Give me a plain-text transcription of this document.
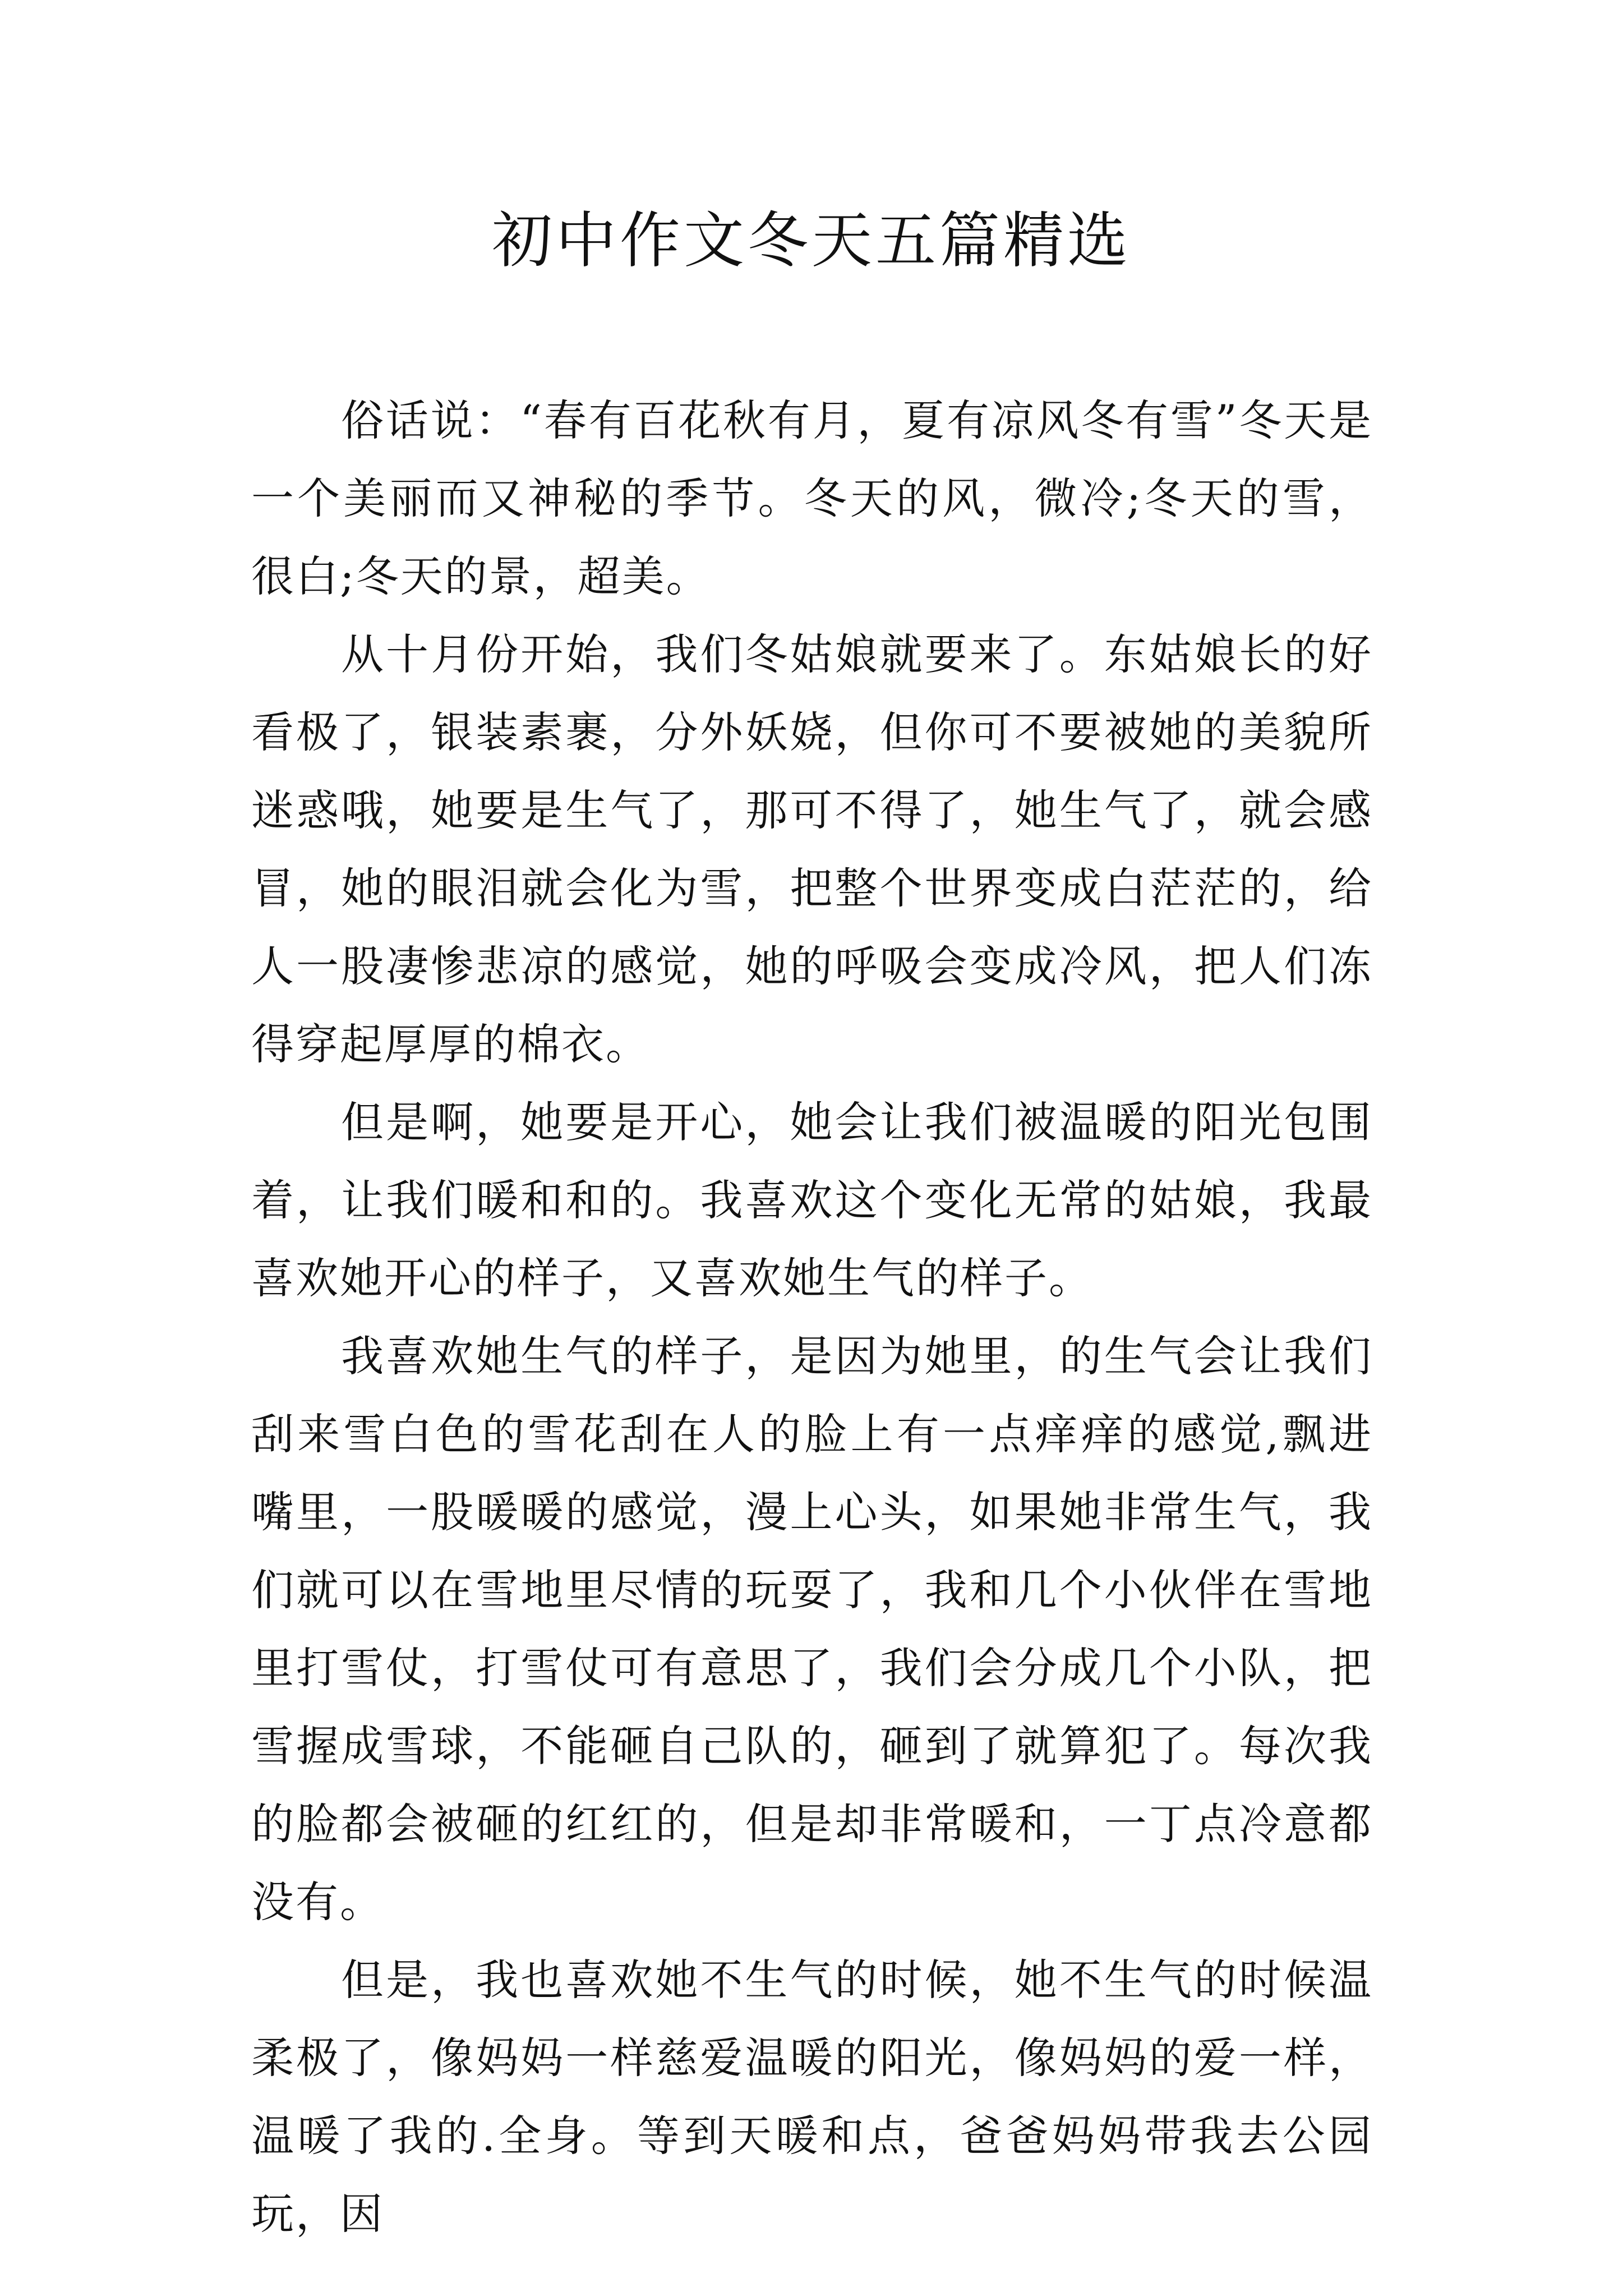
初中作文冬天五篇精选

俗话说：“春有百花秋有月，夏有凉风冬有雪”冬天是一个美丽而又神秘的季节。冬天的风，微冷;冬天的雪，很白;冬天的景，超美。

从十月份开始，我们冬姑娘就要来了。东姑娘长的好看极了，银装素裹，分外妖娆，但你可不要被她的美貌所迷惑哦，她要是生气了，那可不得了，她生气了，就会感冒，她的眼泪就会化为雪，把整个世界变成白茫茫的，给人一股凄惨悲凉的感觉，她的呼吸会变成冷风，把人们冻得穿起厚厚的棉衣。

但是啊，她要是开心，她会让我们被温暖的阳光包围着，让我们暖和和的。我喜欢这个变化无常的姑娘，我最喜欢她开心的样子，又喜欢她生气的样子。

我喜欢她生气的样子，是因为她里，的生气会让我们刮来雪白色的雪花刮在人的脸上有一点痒痒的感觉,飘进嘴里，一股暖暖的感觉，漫上心头，如果她非常生气，我们就可以在雪地里尽情的玩耍了，我和几个小伙伴在雪地里打雪仗，打雪仗可有意思了，我们会分成几个小队，把雪握成雪球，不能砸自己队的，砸到了就算犯了。每次我的脸都会被砸的红红的，但是却非常暖和，一丁点冷意都没有。

但是，我也喜欢她不生气的时候，她不生气的时候温柔极了，像妈妈一样慈爱温暖的阳光，像妈妈的爱一样，温暖了我的.全身。等到天暖和点，爸爸妈妈带我去公园玩，因
